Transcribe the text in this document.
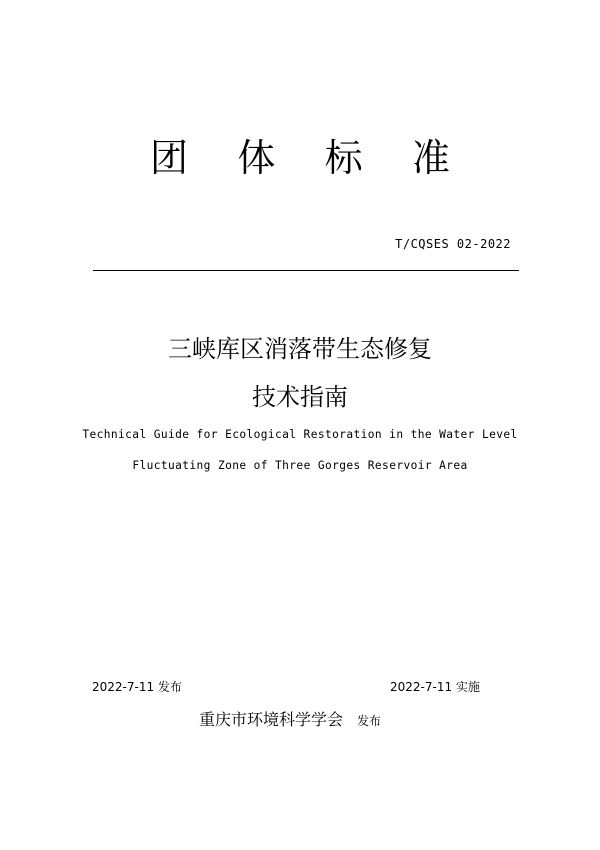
团 体 标 准
T/CQSES 02-2022
三峡库区消落带生态修复
技术指南
Technical Guide for Ecological Restoration in the Water Level
Fluctuating Zone of Three Gorges Reservoir Area
2022-7-11 发布	2022-7-11 实施
重庆市环境科学学会 发布
